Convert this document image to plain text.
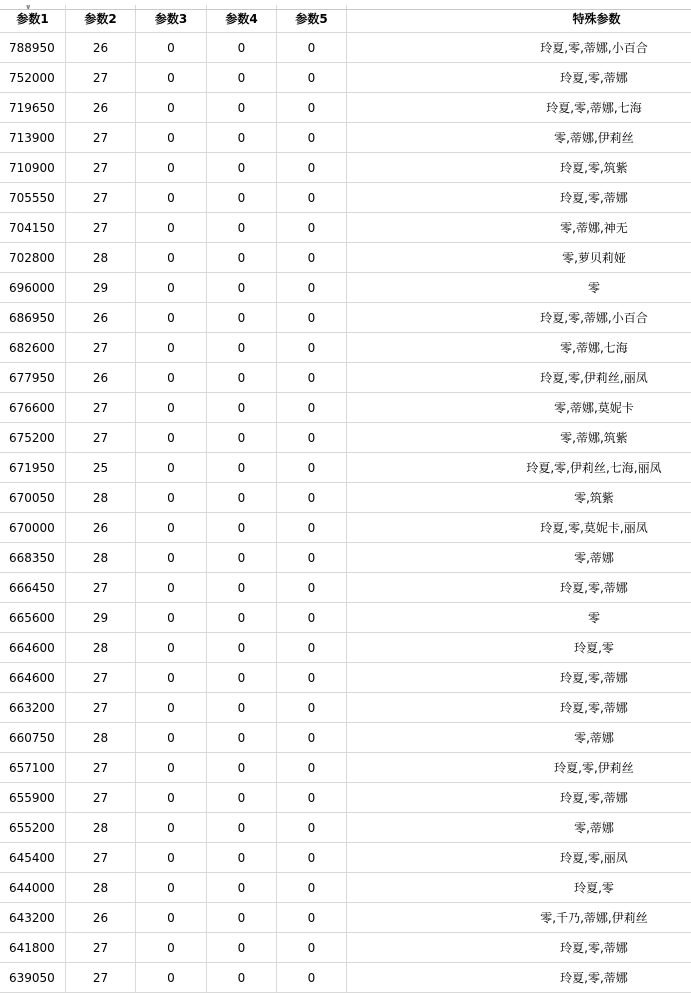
∨
参数1	参数2	参数3	参数4	参数5	特殊参数
788950	26	0	0	0	玲夏,零,蒂娜,小百合
752000	27	0	0	0	玲夏,零,蒂娜
719650	26	0	0	0	玲夏,零,蒂娜,七海
713900	27	0	0	0	零,蒂娜,伊莉丝
710900	27	0	0	0	玲夏,零,筑紫
705550	27	0	0	0	玲夏,零,蒂娜
704150	27	0	0	0	零,蒂娜,神无
702800	28	0	0	0	零,萝贝莉娅
696000	29	0	0	0	零
686950	26	0	0	0	玲夏,零,蒂娜,小百合
682600	27	0	0	0	零,蒂娜,七海
677950	26	0	0	0	玲夏,零,伊莉丝,丽凤
676600	27	0	0	0	零,蒂娜,莫妮卡
675200	27	0	0	0	零,蒂娜,筑紫
671950	25	0	0	0	玲夏,零,伊莉丝,七海,丽凤
670050	28	0	0	0	零,筑紫
670000	26	0	0	0	玲夏,零,莫妮卡,丽凤
668350	28	0	0	0	零,蒂娜
666450	27	0	0	0	玲夏,零,蒂娜
665600	29	0	0	0	零
664600	28	0	0	0	玲夏,零
664600	27	0	0	0	玲夏,零,蒂娜
663200	27	0	0	0	玲夏,零,蒂娜
660750	28	0	0	0	零,蒂娜
657100	27	0	0	0	玲夏,零,伊莉丝
655900	27	0	0	0	玲夏,零,蒂娜
655200	28	0	0	0	零,蒂娜
645400	27	0	0	0	玲夏,零,丽凤
644000	28	0	0	0	玲夏,零
643200	26	0	0	0	零,千乃,蒂娜,伊莉丝
641800	27	0	0	0	玲夏,零,蒂娜
639050	27	0	0	0	玲夏,零,蒂娜
